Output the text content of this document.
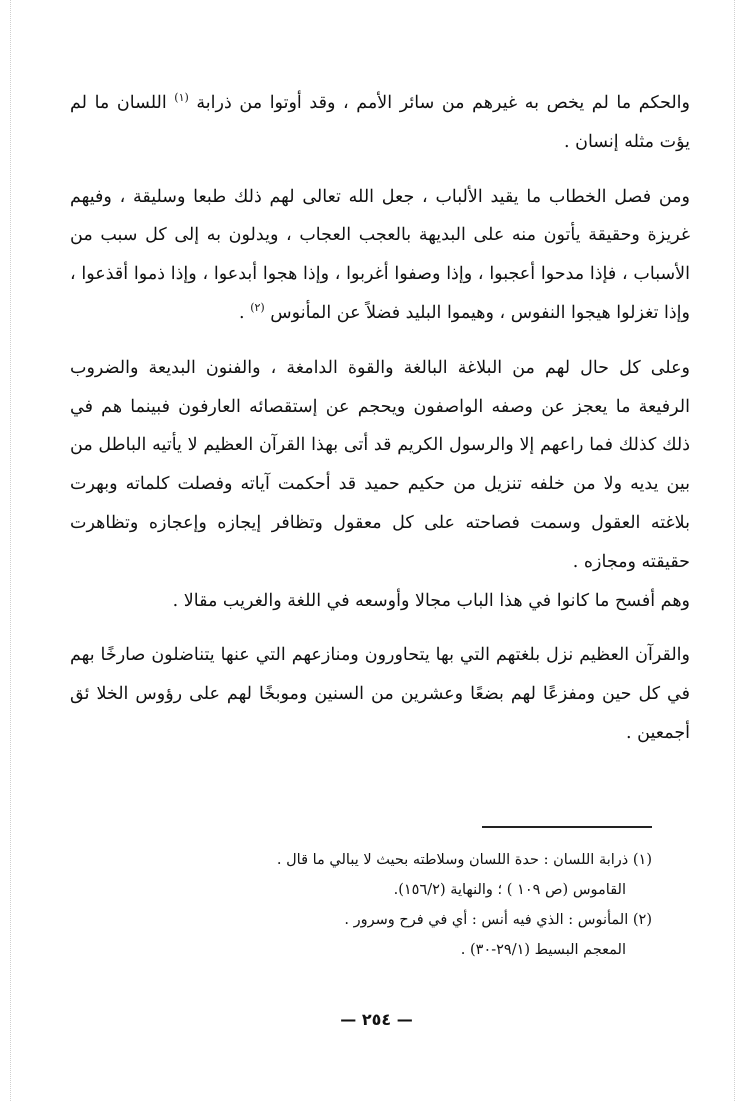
والحكم ما لم يخص به غيرهم من سائر الأمم ، وقد أوتوا من ذرابة $^{(١)}$ اللسان ما لم يؤت مثله إنسان .

ومن فصل الخطاب ما يقيد الألباب ، جعل الله تعالى لهم ذلك طبعا وسليقة ، وفيهم غريزة وحقيقة يأتون منه على البديهة بالعجب العجاب ، ويدلون به إلى كل سبب من الأسباب ، فإذا مدحوا أعجبوا ، وإذا وصفوا أغربوا ، وإذا هجوا أبدعوا ، وإذا ذموا أقذعوا ، وإذا تغزلوا هيجوا النفوس ، وهيموا البليد فضلاً عن المأنوس $^{(٢)}$ .

وعلى كل حال لهم من البلاغة البالغة والقوة الدامغة ، والفنون البديعة والضروب الرفيعة ما يعجز عن وصفه الواصفون ويحجم عن إستقصائه العارفون فبينما هم في ذلك كذلك فما راعهم إلا والرسول الكريم قد أتى بهذا القرآن العظيم لا يأتيه الباطل من بين يديه ولا من خلفه تنزيل من حكيم حميد قد أحكمت آياته وفصلت كلماته وبهرت بلاغته العقول وسمت فصاحته على كل معقول وتظافر إيجازه وإعجازه وتظاهرت حقيقته ومجازه .

وهم أفسح ما كانوا في هذا الباب مجالا وأوسعه في اللغة والغريب مقالا .

والقرآن العظيم نزل بلغتهم التي بها يتحاورون ومنازعهم التي عنها يتناضلون صارخًا بهم في كل حين ومفزعًا لهم بضعًا وعشرين من السنين وموبخًا لهم على رؤوس الخلا ئق أجمعين .

(١) ذرابة اللسان : حدة اللسان وسلاطته بحيث لا يبالي ما قال .

القاموس (ص ١٠٩ ) ؛ والنهاية (١٥٦/٢).

(٢) المأنوس : الذي فيه أنس : أي في فرح وسرور .

المعجم البسيط (٢٩/١-٣٠) .

— ٢٥٤ —
